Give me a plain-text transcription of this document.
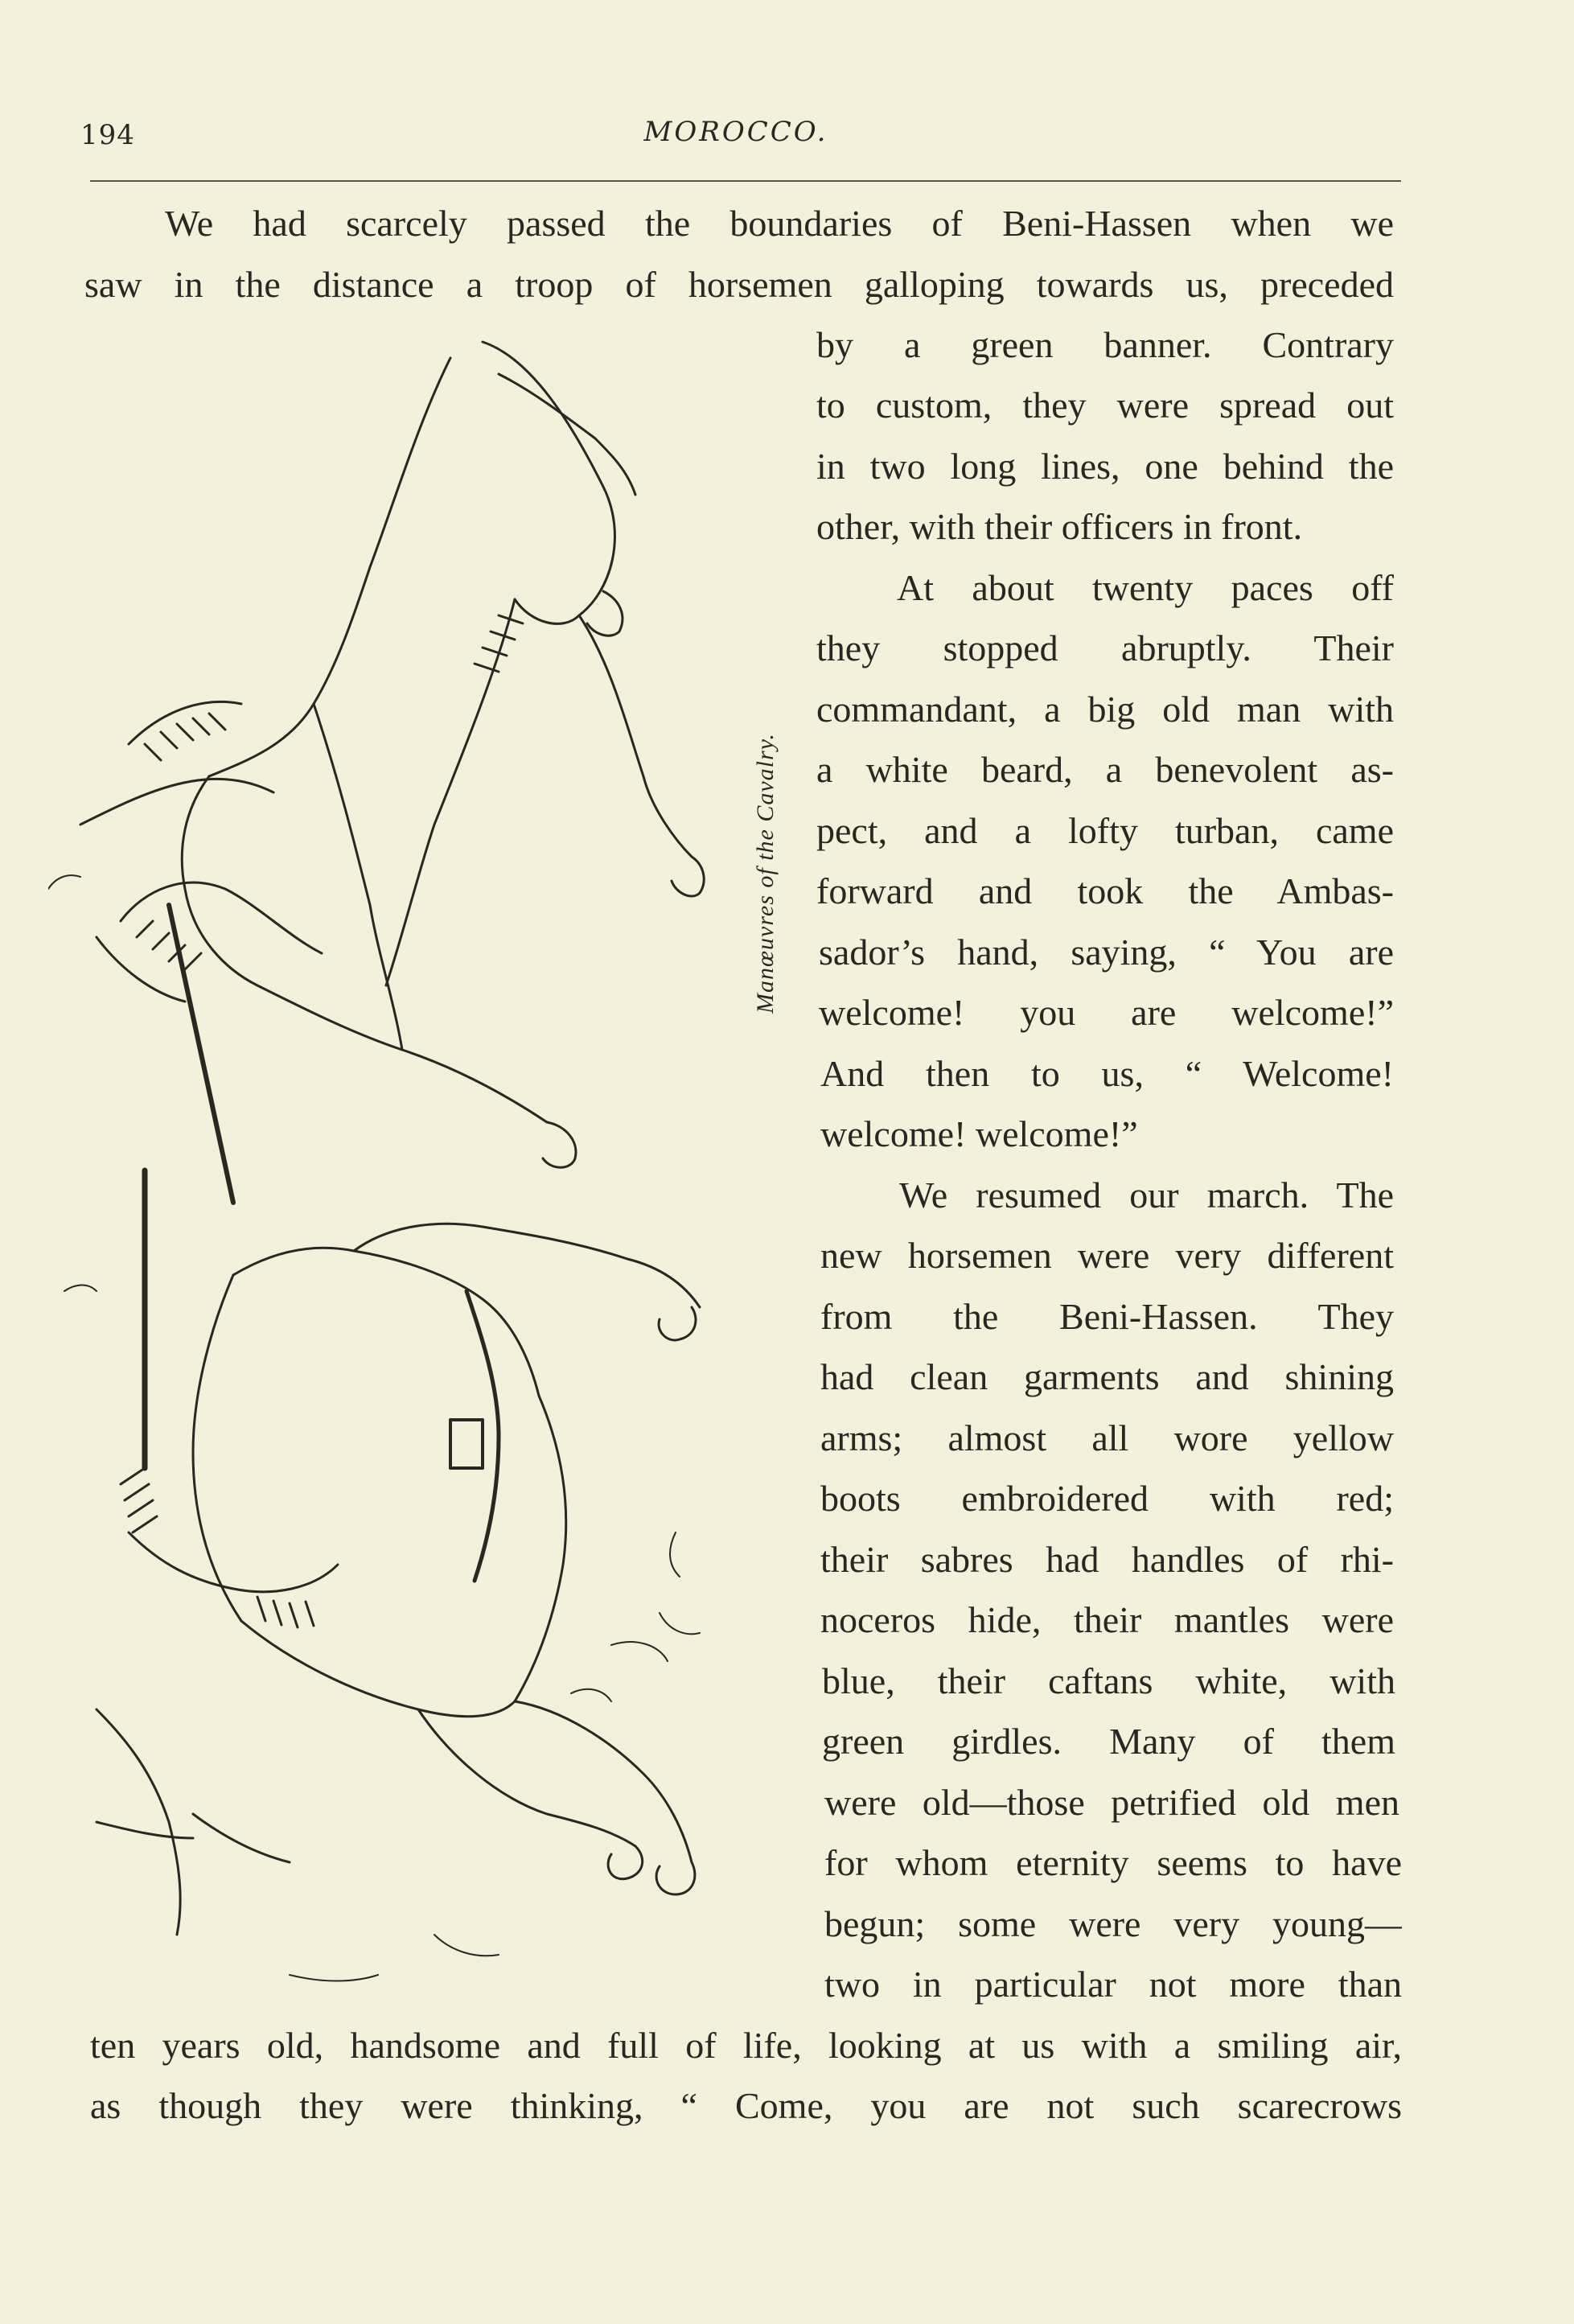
194	MOROCCO.
Manœuvres of the Cavalry.
We had scarcely passed the boundaries of Beni-Hassen when we
saw in the distance a troop of horsemen galloping towards us, preceded
by a green banner. Contrary
to custom, they were spread out
in two long lines, one behind the
other, with their officers in front.
At about twenty paces off
they stopped abruptly. Their
commandant, a big old man with
a white beard, a benevolent as-
pect, and a lofty turban, came
forward and took the Ambas-
sador’s hand, saying, “ You are
welcome! you are welcome!”
And then to us, “ Welcome!
welcome! welcome!”
We resumed our march. The
new horsemen were very different
from the Beni-Hassen. They
had clean garments and shining
arms; almost all wore yellow
boots embroidered with red;
their sabres had handles of rhi-
noceros hide, their mantles were
blue, their caftans white, with
green girdles. Many of them
were old—those petrified old men
for whom eternity seems to have
begun; some were very young—
two in particular not more than
ten years old, handsome and full of life, looking at us with a smiling air,
as though they were thinking, “ Come, you are not such scarecrows
